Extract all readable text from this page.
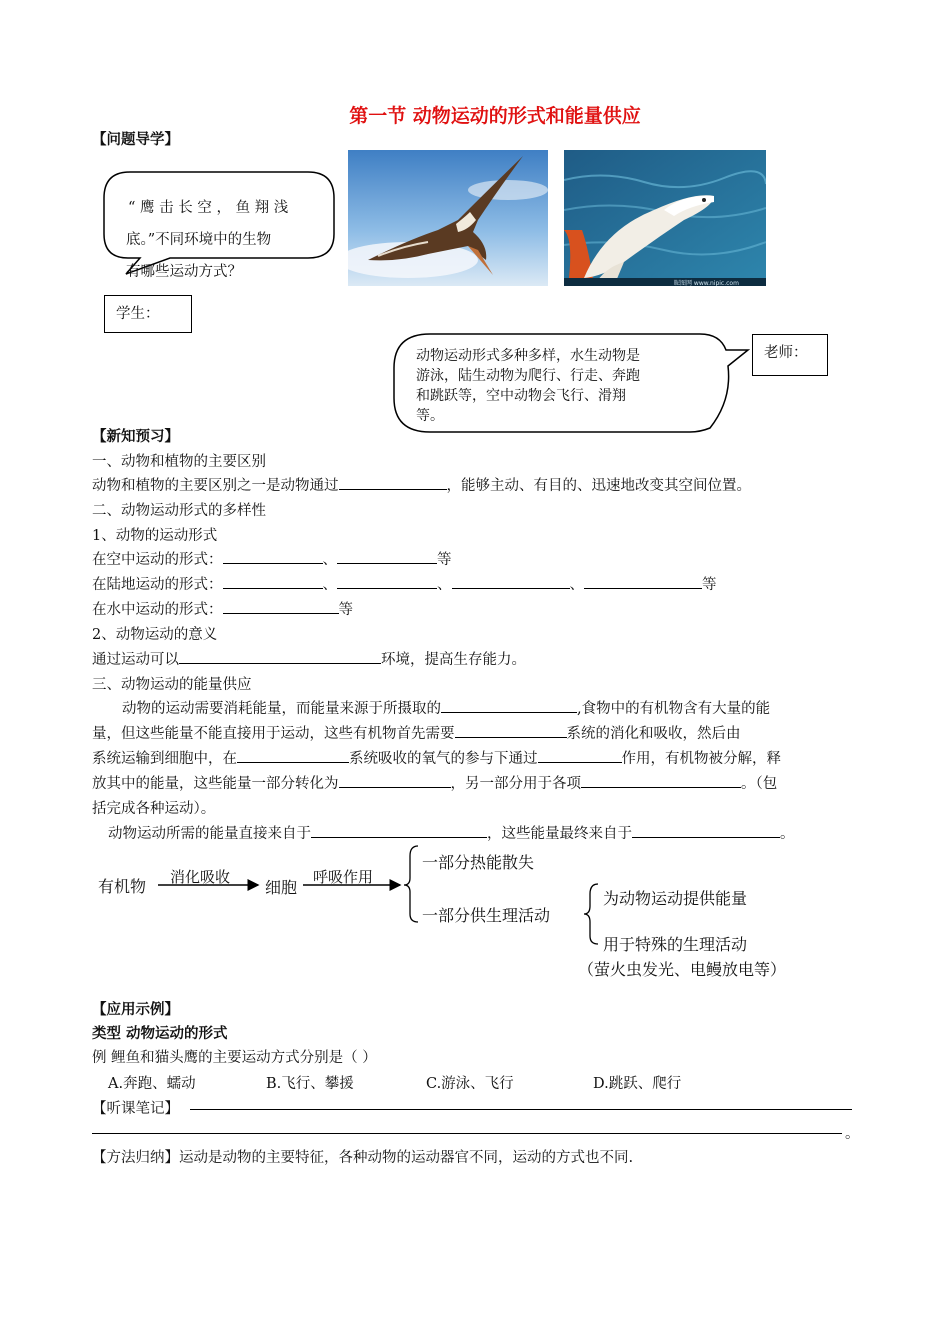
第一节 动物运动的形式和能量供应
【问题导学】
“ 鹰 击 长 空 ， 鱼 翔 浅
底。”不同环境中的生物
有哪些运动方式？
学生：
昵图网 www.nipic.com
动物运动形式多种多样，水生动物是
游泳，陆生动物为爬行、行走、奔跑
和跳跃等，空中动物会飞行、滑翔
等。
老师：
【新知预习】
一、动物和植物的主要区别
动物和植物的主要区别之一是动物通过	，能够主动、有目的、迅速地改变其空间位置。
二、动物运动形式的多样性
1、动物的运动形式
在空中运动的形式：	、	等
在陆地运动的形式：	、	、	、	等
在水中运动的形式：	等
2、动物运动的意义
通过运动可以	环境，提高生存能力。
三、动物运动的能量供应
动物的运动需要消耗能量，而能量来源于所摄取的	,食物中的有机物含有大量的能
量，但这些能量不能直接用于运动，这些有机物首先需要	系统的消化和吸收，然后由
系统运输到细胞中，在	系统吸收的氧气的参与下通过	作用，有机物被分解，释
放其中的能量，这些能量一部分转化为	，另一部分用于各项	。（包
括完成各种运动）。
动物运动所需的能量直接来自于	，这些能量最终来自于	。
有机物 消化吸收
细胞
呼吸作用
一部分热能散失
一部分供生理活动
为动物运动提供能量
用于特殊的生理活动
（萤火虫发光、电鳗放电等）
【应用示例】
类型 动物运动的形式
例 鲤鱼和猫头鹰的主要运动方式分别是（ ）
A.奔跑、蠕动	B.飞行、攀援	C.游泳、飞行	D.跳跃、爬行
【听课笔记】
。
【方法归纳】运动是动物的主要特征，各种动物的运动器官不同，运动的方式也不同.
